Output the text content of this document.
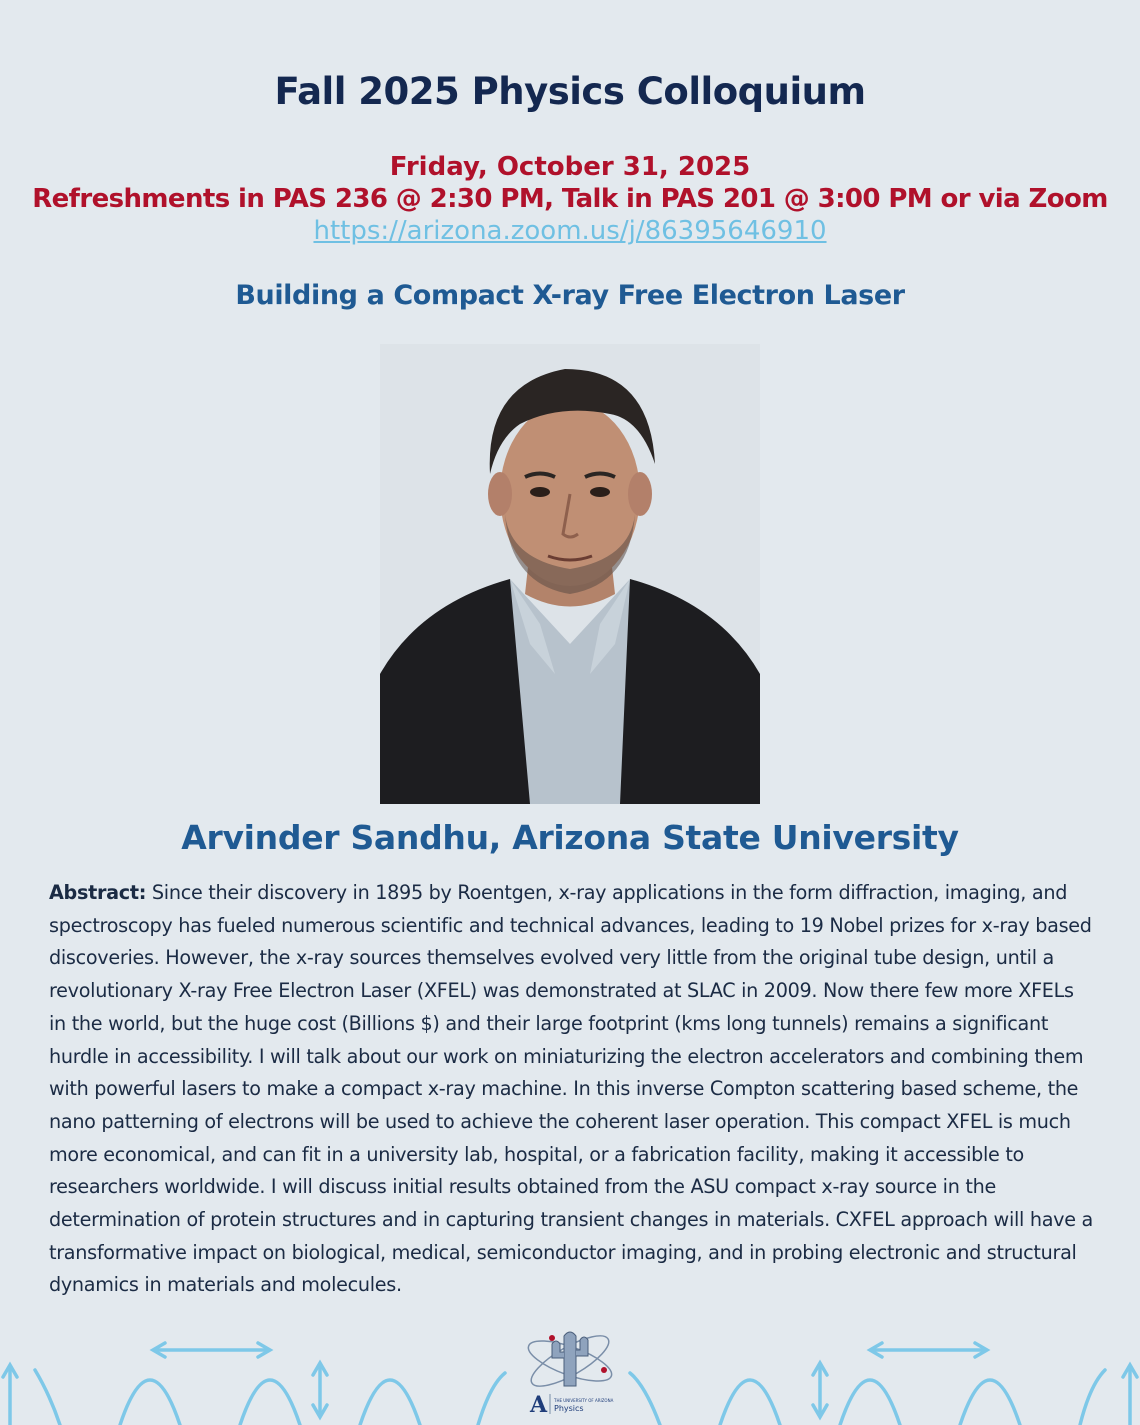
Fall 2025 Physics Colloquium
Friday, October 31, 2025
Refreshments in PAS 236 @ 2:30 PM, Talk in PAS 201 @ 3:00 PM or via Zoom
https://arizona.zoom.us/j/86395646910
Building a Compact X-ray Free Electron Laser
Arvinder Sandhu, Arizona State University
Abstract: Since their discovery in 1895 by Roentgen, x-ray applications in the form diffraction, imaging, and spectroscopy has fueled numerous scientific and technical advances, leading to 19 Nobel prizes for x-ray based discoveries. However, the x-ray sources themselves evolved very little from the original tube design, until a revolutionary X-ray Free Electron Laser (XFEL) was demonstrated at SLAC in 2009. Now there few more XFELs in the world, but the huge cost (Billions $) and their large footprint (kms long tunnels) remains a significant hurdle in accessibility. I will talk about our work on miniaturizing the electron accelerators and combining them with powerful lasers to make a compact x-ray machine. In this inverse Compton scattering based scheme, the nano patterning of electrons will be used to achieve the coherent laser operation. This compact XFEL is much more economical, and can fit in a university lab, hospital, or a fabrication facility, making it accessible to researchers worldwide. I will discuss initial results obtained from the ASU compact x-ray source in the determination of protein structures and in capturing transient changes in materials. CXFEL approach will have a transformative impact on biological, medical, semiconductor imaging, and in probing electronic and structural dynamics in materials and molecules.
A THE UNIVERSITY OF ARIZONA
Physics
